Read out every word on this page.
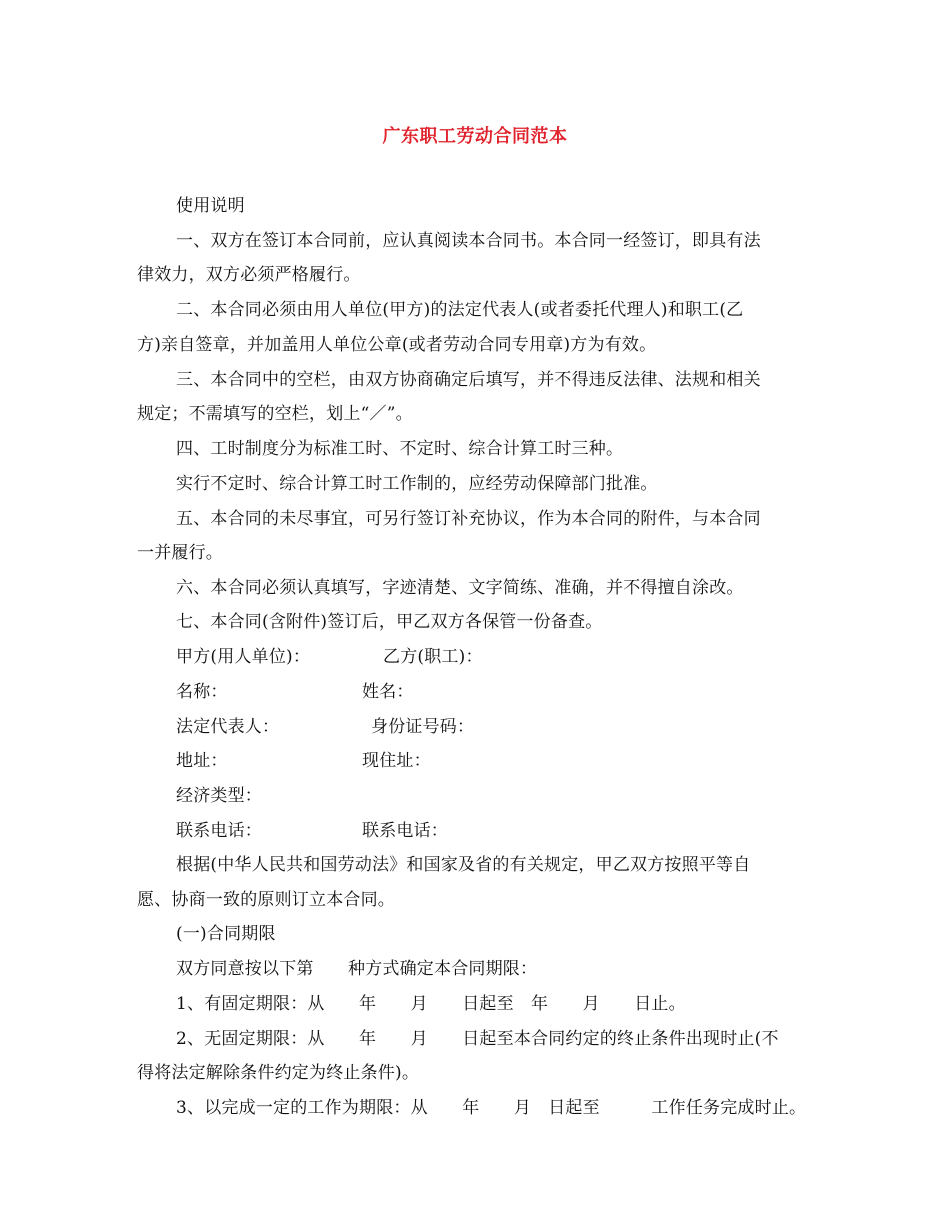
广东职工劳动合同范本
使用说明
一、双方在签订本合同前，应认真阅读本合同书。本合同一经签订，即具有法
律效力，双方必须严格履行。
二、本合同必须由用人单位(甲方)的法定代表人(或者委托代理人)和职工(乙
方)亲自签章，并加盖用人单位公章(或者劳动合同专用章)方为有效。
三、本合同中的空栏，由双方协商确定后填写，并不得违反法律、法规和相关
规定；不需填写的空栏，划上“／”。
四、工时制度分为标准工时、不定时、综合计算工时三种。
实行不定时、综合计算工时工作制的，应经劳动保障部门批准。
五、本合同的未尽事宜，可另行签订补充协议，作为本合同的附件，与本合同
一并履行。
六、本合同必须认真填写，字迹清楚、文字简练、准确，并不得擅自涂改。
七、本合同(含附件)签订后，甲乙双方各保管一份备查。
甲方(用人单位)：	乙方(职工)：
名称：	姓名：
法定代表人：	身份证号码：
地址：	现住址：
经济类型：
联系电话：	联系电话：
根据(中华人民共和国劳动法》和国家及省的有关规定，甲乙双方按照平等自
愿、协商一致的原则订立本合同。
(一)合同期限
双方同意按以下第　　种方式确定本合同期限：
1、有固定期限：从　　年　　月　　日起至　年　　月　　日止。
2、无固定期限：从　　年　　月　　日起至本合同约定的终止条件出现时止(不
得将法定解除条件约定为终止条件)。
3、以完成一定的工作为期限：从　　年　　月　日起至　　　工作任务完成时止。
